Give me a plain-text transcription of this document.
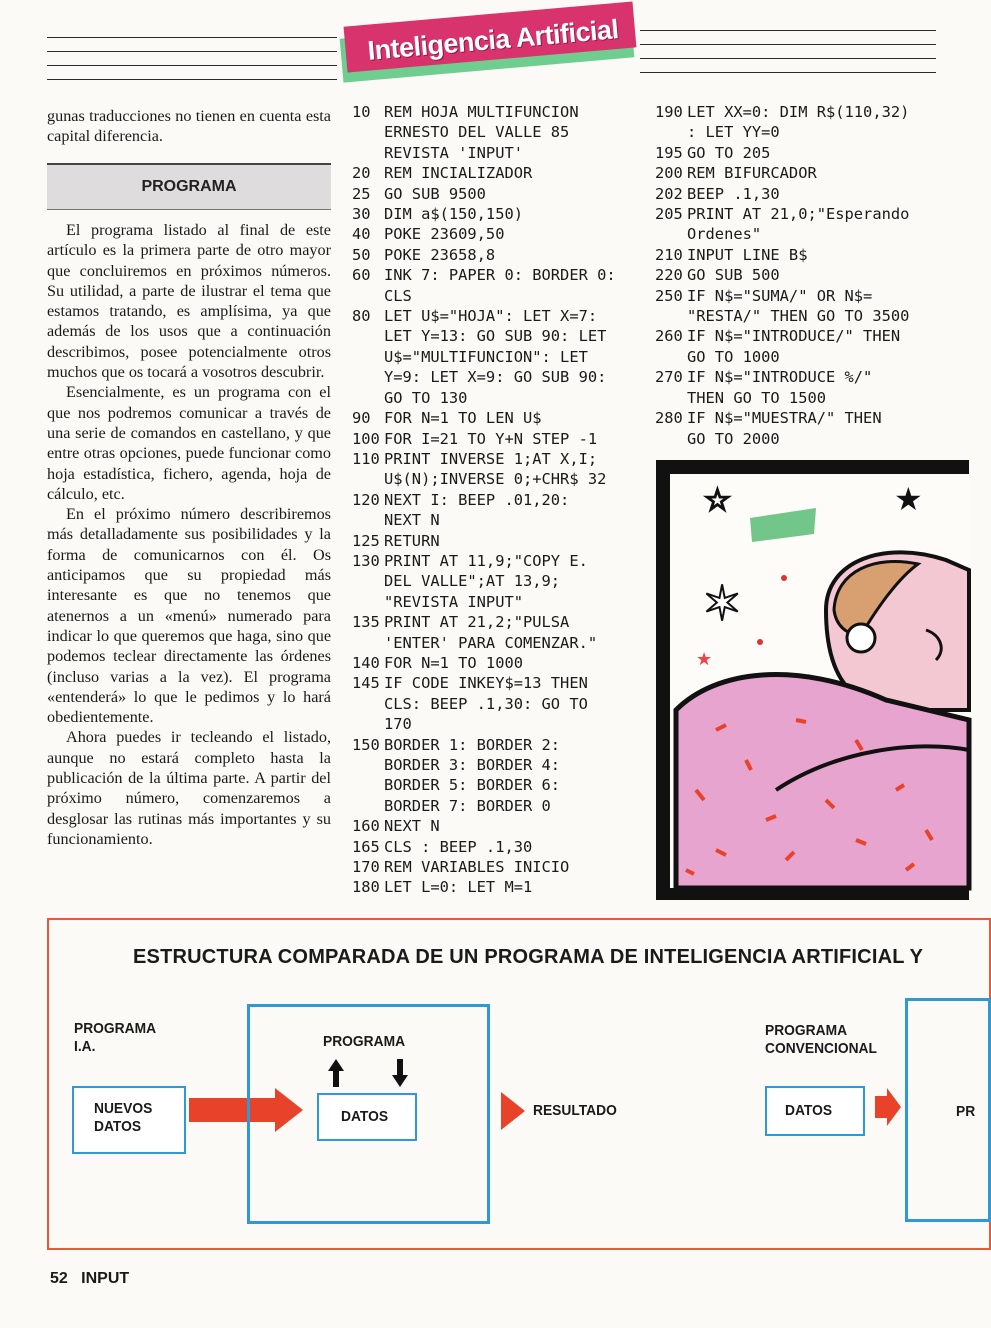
Inteligencia Artificial

gunas traducciones no tienen en cuenta esta capital diferencia.

PROGRAMA

El programa listado al final de este artículo es la primera parte de otro mayor que concluiremos en próximos números. Su utilidad, a parte de ilustrar el tema que estamos tratando, es amplísima, ya que además de los usos que a continuación describimos, posee potencialmente otros muchos que os tocará a vosotros descubrir.

Esencialmente, es un programa con el que nos podremos comunicar a través de una serie de comandos en castellano, y que entre otras opciones, puede funcionar como hoja estadística, fichero, agenda, hoja de cálculo, etc.

En el próximo número describiremos más detalladamente sus posibilidades y la forma de comunicarnos con él. Os anticipamos que su propiedad más interesante es que no tenemos que atenernos a un «menú» numerado para indicar lo que queremos que haga, sino que podemos teclear directamente las órdenes (incluso varias a la vez). El programa «entenderá» lo que le pedimos y lo hará obedientemente.

Ahora puedes ir tecleando el listado, aunque no estará completo hasta la publicación de la última parte. A partir del próximo número, comenzaremos a desglosar las rutinas más importantes y su funcionamiento.

10 REM HOJA MULTIFUNCION
ERNESTO DEL VALLE 85
REVISTA 'INPUT'
20 REM INCIALIZADOR
25 GO SUB 9500
30 DIM a$(150,150)
40 POKE 23609,50
50 POKE 23658,8
60 INK 7: PAPER 0: BORDER 0:
CLS
80 LET U$="HOJA": LET X=7:
LET Y=13: GO SUB 90: LET
U$="MULTIFUNCION": LET
Y=9: LET X=9: GO SUB 90:
GO TO 130
90 FOR N=1 TO LEN U$
100 FOR I=21 TO Y+N STEP -1
110 PRINT INVERSE 1;AT X,I;
U$(N);INVERSE 0;+CHR$ 32
120 NEXT I: BEEP .01,20:
NEXT N
125 RETURN
130 PRINT AT 11,9;"COPY E.
DEL VALLE";AT 13,9;
"REVISTA INPUT"
135 PRINT AT 21,2;"PULSA
'ENTER' PARA COMENZAR."
140 FOR N=1 TO 1000
145 IF CODE INKEY$=13 THEN
CLS: BEEP .1,30: GO TO
170
150 BORDER 1: BORDER 2:
BORDER 3: BORDER 4:
BORDER 5: BORDER 6:
BORDER 7: BORDER 0
160 NEXT N
165 CLS : BEEP .1,30
170 REM VARIABLES INICIO
180 LET L=0: LET M=1
190 LET XX=0: DIM R$(110,32)
: LET YY=0
195 GO TO 205
200 REM BIFURCADOR
202 BEEP .1,30
205 PRINT AT 21,0;"Esperando
Ordenes"
210 INPUT LINE B$
220 GO SUB 500
250 IF N$="SUMA/" OR N$=
"RESTA/" THEN GO TO 3500
260 IF N$="INTRODUCE/" THEN
GO TO 1000
270 IF N$="INTRODUCE %/"
THEN GO TO 1500
280 IF N$="MUESTRA/" THEN
GO TO 2000
☆	★
✶
★
ESTRUCTURA COMPARADA DE UN PROGRAMA DE INTELIGENCIA ARTIFICIAL Y
PROGRAMA
I.A.
NUEVOS
DATOS
PROGRAMA
DATOS	RESULTADO
PROGRAMA
CONVENCIONAL
DATOS	PR
52 INPUT
